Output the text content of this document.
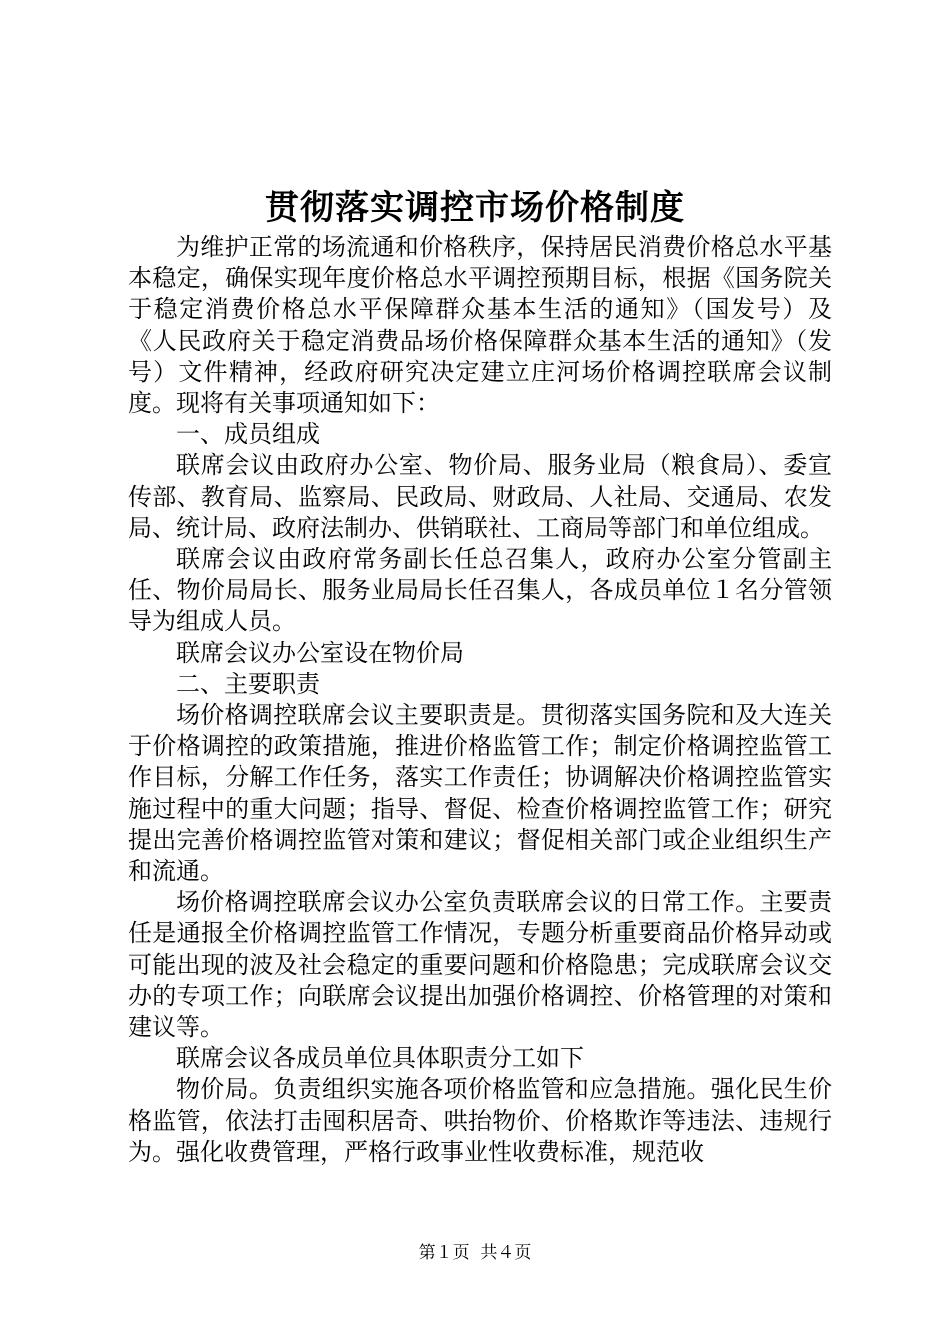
贯彻落实调控市场价格制度

为维护正常的场流通和价格秩序，保持居民消费价格总水平基本稳定，确保实现年度价格总水平调控预期目标，根据《国务院关于稳定消费价格总水平保障群众基本生活的通知》（国发号）及《人民政府关于稳定消费品场价格保障群众基本生活的通知》（发号）文件精神，经政府研究决定建立庄河场价格调控联席会议制度。现将有关事项通知如下：

一、成员组成

联席会议由政府办公室、物价局、服务业局（粮食局）、委宣传部、教育局、监察局、民政局、财政局、人社局、交通局、农发局、统计局、政府法制办、供销联社、工商局等部门和单位组成。

联席会议由政府常务副长任总召集人，政府办公室分管副主任、物价局局长、服务业局局长任召集人，各成员单位１名分管领导为组成人员。

联席会议办公室设在物价局

二、主要职责

场价格调控联席会议主要职责是。贯彻落实国务院和及大连关于价格调控的政策措施，推进价格监管工作；制定价格调控监管工作目标，分解工作任务，落实工作责任；协调解决价格调控监管实施过程中的重大问题；指导、督促、检查价格调控监管工作；研究提出完善价格调控监管对策和建议；督促相关部门或企业组织生产和流通。

场价格调控联席会议办公室负责联席会议的日常工作。主要责任是通报全价格调控监管工作情况，专题分析重要商品价格异动或可能出现的波及社会稳定的重要问题和价格隐患；完成联席会议交办的专项工作；向联席会议提出加强价格调控、价格管理的对策和建议等。

联席会议各成员单位具体职责分工如下

物价局。负责组织实施各项价格监管和应急措施。强化民生价格监管，依法打击囤积居奇、哄抬物价、价格欺诈等违法、违规行为。强化收费管理，严格行政事业性收费标准，规范收

第１页  共４页
